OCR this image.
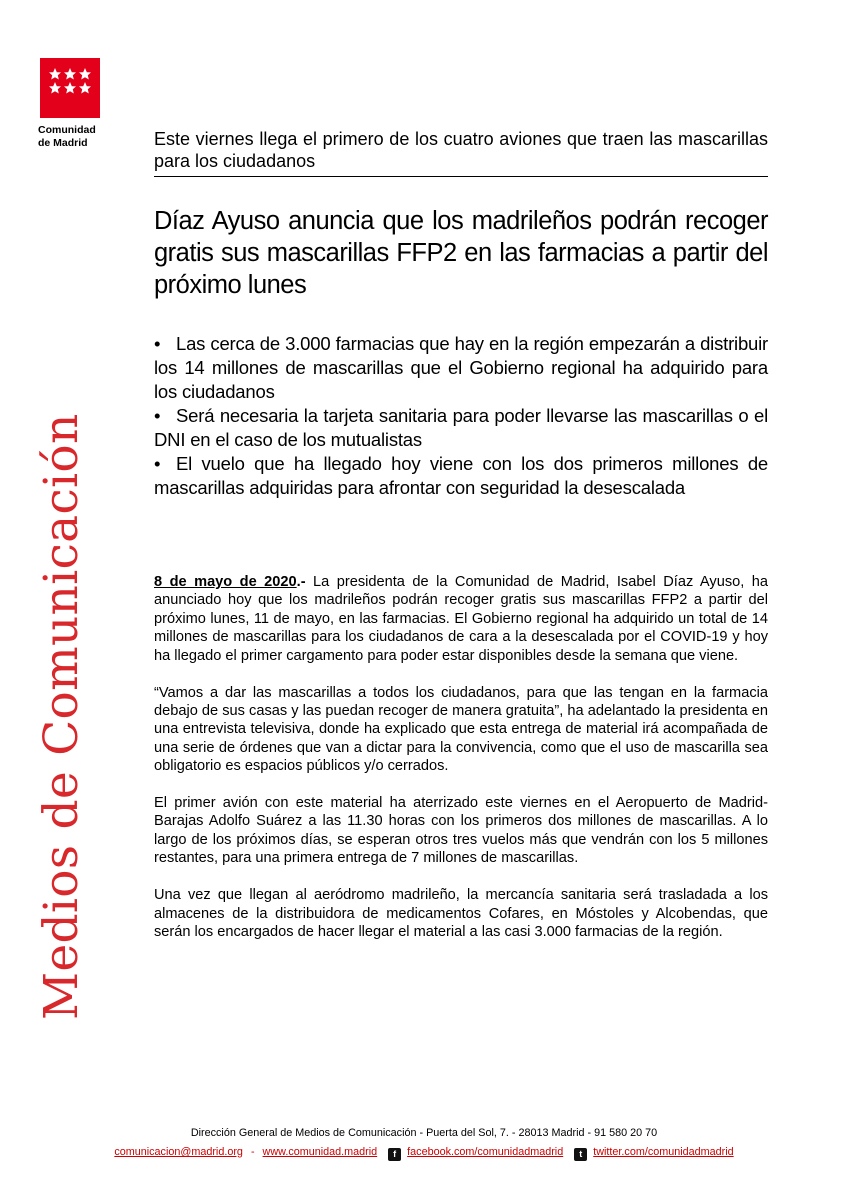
Comunidad
de Madrid
Medios de Comunicación
Este viernes llega el primero de los cuatro aviones que traen las mascarillas para los ciudadanos
Díaz Ayuso anuncia que los madrileños podrán recoger gratis sus mascarillas FFP2 en las farmacias a partir del próximo lunes
• Las cerca de 3.000 farmacias que hay en la región empezarán a distribuir los 14 millones de mascarillas que el Gobierno regional ha adquirido para los ciudadanos
• Será necesaria la tarjeta sanitaria para poder llevarse las mascarillas o el DNI en el caso de los mutualistas
• El vuelo que ha llegado hoy viene con los dos primeros millones de mascarillas adquiridas para afrontar con seguridad la desescalada

8 de mayo de 2020.- La presidenta de la Comunidad de Madrid, Isabel Díaz Ayuso, ha anunciado hoy que los madrileños podrán recoger gratis sus mascarillas FFP2 a partir del próximo lunes, 11 de mayo, en las farmacias. El Gobierno regional ha adquirido un total de 14 millones de mascarillas para los ciudadanos de cara a la desescalada por el COVID-19 y hoy ha llegado el primer cargamento para poder estar disponibles desde la semana que viene.

“Vamos a dar las mascarillas a todos los ciudadanos, para que las tengan en la farmacia debajo de sus casas y las puedan recoger de manera gratuita”, ha adelantado la presidenta en una entrevista televisiva, donde ha explicado que esta entrega de material irá acompañada de una serie de órdenes que van a dictar para la convivencia, como que el uso de mascarilla sea obligatorio es espacios públicos y/o cerrados.

El primer avión con este material ha aterrizado este viernes en el Aeropuerto de Madrid-Barajas Adolfo Suárez a las 11.30 horas con los primeros dos millones de mascarillas. A lo largo de los próximos días, se esperan otros tres vuelos más que vendrán con los 5 millones restantes, para una primera entrega de 7 millones de mascarillas.

Una vez que llegan al aeródromo madrileño, la mercancía sanitaria será trasladada a los almacenes de la distribuidora de medicamentos Cofares, en Móstoles y Alcobendas, que serán los encargados de hacer llegar el material a las casi 3.000 farmacias de la región.

Dirección General de Medios de Comunicación - Puerta del Sol, 7. - 28013 Madrid - 91 580 20 70
comunicacion@madrid.org - www.comunidad.madrid f facebook.com/comunidadmadrid t twitter.com/comunidadmadrid
